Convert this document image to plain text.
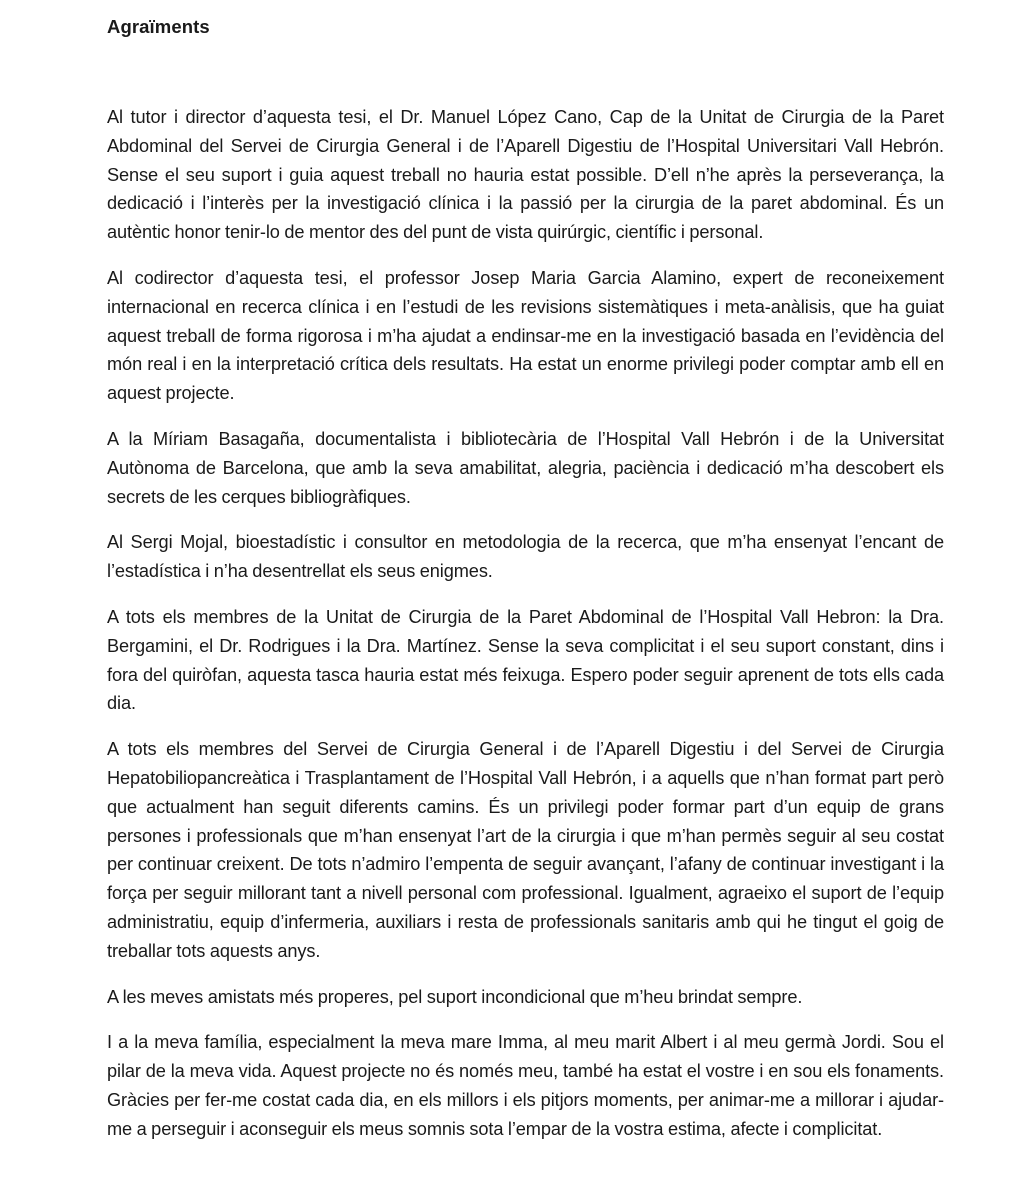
Agraïments

Al tutor i director d’aquesta tesi, el Dr. Manuel López Cano, Cap de la Unitat de Cirurgia de la Paret Abdominal del Servei de Cirurgia General i de l’Aparell Digestiu de l’Hospital Universitari Vall Hebrón. Sense el seu suport i guia aquest treball no hauria estat possible. D’ell n’he après la perseverança, la dedicació i l’interès per la investigació clínica i la passió per la cirurgia de la paret abdominal. És un autèntic honor tenir-lo de mentor des del punt de vista quirúrgic, científic i personal.

Al codirector d’aquesta tesi, el professor Josep Maria Garcia Alamino, expert de reconeixement internacional en recerca clínica i en l’estudi de les revisions sistemàtiques i meta-anàlisis, que ha guiat aquest treball de forma rigorosa i m’ha ajudat a endinsar-me en la investigació basada en l’evidència del món real i en la interpretació crítica dels resultats. Ha estat un enorme privilegi poder comptar amb ell en aquest projecte.

A la Míriam Basagaña, documentalista i bibliotecària de l’Hospital Vall Hebrón i de la Universitat Autònoma de Barcelona, que amb la seva amabilitat, alegria, paciència i dedicació m’ha descobert els secrets de les cerques bibliogràfiques.

Al Sergi Mojal, bioestadístic i consultor en metodologia de la recerca, que m’ha ensenyat l’encant de l’estadística i n’ha desentrellat els seus enigmes.

A tots els membres de la Unitat de Cirurgia de la Paret Abdominal de l’Hospital Vall Hebron: la Dra. Bergamini, el Dr. Rodrigues i la Dra. Martínez. Sense la seva complicitat i el seu suport constant, dins i fora del quiròfan, aquesta tasca hauria estat més feixuga. Espero poder seguir aprenent de tots ells cada dia.

A tots els membres del Servei de Cirurgia General i de l’Aparell Digestiu i del Servei de Cirurgia Hepatobiliopancreàtica i Trasplantament de l’Hospital Vall Hebrón, i a aquells que n’han format part però que actualment han seguit diferents camins. És un privilegi poder formar part d’un equip de grans persones i professionals que m’han ensenyat l’art de la cirurgia i que m’han permès seguir al seu costat per continuar creixent. De tots n’admiro l’empenta de seguir avançant, l’afany de continuar investigant i la força per seguir millorant tant a nivell personal com professional. Igualment, agraeixo el suport de l’equip administratiu, equip d’infermeria, auxiliars i resta de professionals sanitaris amb qui he tingut el goig de treballar tots aquests anys.

A les meves amistats més properes, pel suport incondicional que m’heu brindat sempre.

I a la meva família, especialment la meva mare Imma, al meu marit Albert i al meu germà Jordi. Sou el pilar de la meva vida. Aquest projecte no és només meu, també ha estat el vostre i en sou els fonaments. Gràcies per fer-me costat cada dia, en els millors i els pitjors moments, per animar-me a millorar i ajudar-me a perseguir i aconseguir els meus somnis sota l’empar de la vostra estima, afecte i complicitat.
